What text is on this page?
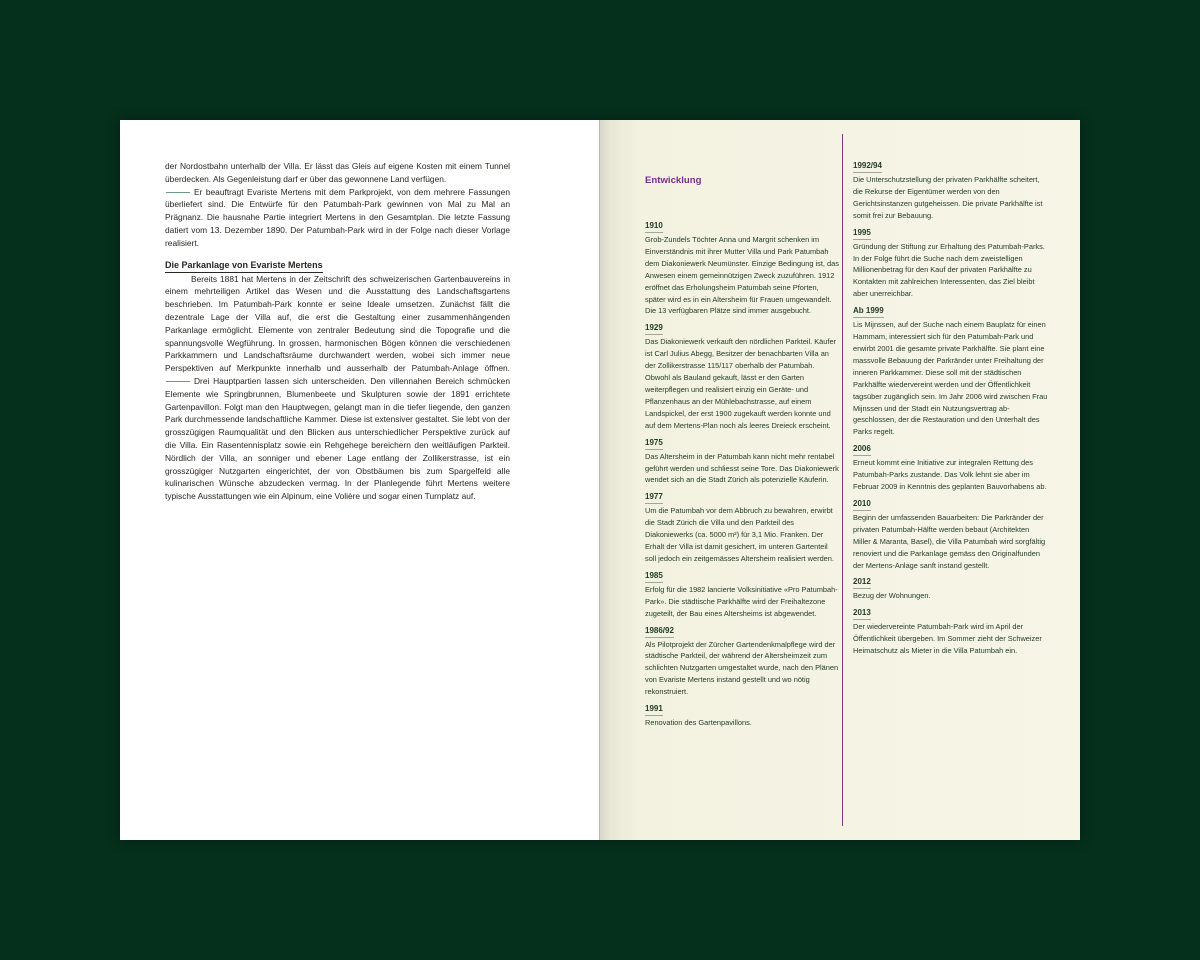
der Nordostbahn unterhalb der Villa. Er lässt das Gleis auf eigene Kosten mit einem Tunnel überdecken. Als Gegenleistung darf er über das gewonnene Land verfügen.
Er beauftragt Evariste Mertens mit dem Parkprojekt, von dem mehrere Fassungen überliefert sind. Die Entwürfe für den Patumbah-Park gewinnen von Mal zu Mal an Prägnanz. Die hausnahe Partie integriert Mertens in den Gesamtplan. Die letzte Fassung datiert vom 13. Dezember 1890. Der Patumbah-Park wird in der Folge nach dieser Vorlage realisiert.

Die Parkanlage von Evariste Mertens

Bereits 1881 hat Mertens in der Zeitschrift des schweizerischen Gartenbauvereins in einem mehrteiligen Artikel das Wesen und die Ausstattung des Landschaftsgartens beschrieben. Im Patumbah-Park konnte er seine Ideale umsetzen. Zunächst fällt die dezentrale Lage der Villa auf, die erst die Gestaltung einer zusammenhängenden Parkanlage ermöglicht. Elemente von zentraler Bedeutung sind die Topografie und die spannungsvolle Wegführung. In grossen, harmonischen Bögen können die verschiedenen Parkkammern und Landschaftsräume durchwandert werden, wobei sich immer neue Perspektiven auf Merkpunkte innerhalb und ausserhalb der Patumbah-Anlage öffnen. Drei Hauptpartien lassen sich unterscheiden. Den villennahen Bereich schmücken Elemente wie Springbrunnen, Blumenbeete und Skulpturen sowie der 1891 errichtete Gartenpavillon. Folgt man den Hauptwegen, gelangt man in die tiefer liegende, den ganzen Park durchmessende landschaftliche Kammer. Diese ist extensiver gestaltet. Sie lebt von der grosszügigen Raumqualität und den Blicken aus unterschiedlicher Perspektive zurück auf die Villa. Ein Rasentennisplatz sowie ein Rehgehege bereichern den weitläufigen Parkteil. Nördlich der Villa, an sonniger und ebener Lage entlang der Zollikerstrasse, ist ein grosszügiger Nutzgarten eingerichtet, der von Obstbäumen bis zum Spargelfeld alle kulinarischen Wünsche abzudecken vermag. In der Planlegende führt Mertens weitere typische Ausstattungen wie ein Alpinum, eine Volière und sogar einen Turnplatz auf.

Entwicklung
1910

Grob-Zundels Töchter Anna und Margrit schenken im Einverständnis mit ihrer Mutter Villa und Park Patumbah dem Diakoniewerk Neumünster. Einzige Bedingung ist, das Anwesen einem gemeinnützigen Zweck zuzuführen. 1912 eröffnet das Erholungsheim Patumbah seine Pforten, später wird es in ein Altersheim für Frauen umgewandelt. Die 13 verfügbaren Plätze sind immer ausgebucht.

1929

Das Diakoniewerk verkauft den nördlichen Parkteil. Käufer ist Carl Julius Abegg, Besitzer der benachbarten Villa an der Zollikerstrasse 115/117 oberhalb der Patumbah. Obwohl als Bauland gekauft, lässt er den Garten weiterpflegen und realisiert einzig ein Geräte- und Pflanzenhaus an der Mühlebachstrasse, auf einem Landspickel, der erst 1900 zugekauft werden konnte und auf dem Mertens-Plan noch als leeres Dreieck erscheint.

1975

Das Altersheim in der Patumbah kann nicht mehr rentabel geführt werden und schliesst seine Tore. Das Diakoniewerk wendet sich an die Stadt Zürich als potenzielle Käuferin.

1977

Um die Patumbah vor dem Abbruch zu bewahren, erwirbt die Stadt Zürich die Villa und den Parkteil des Diakoniewerks (ca. 5000 m²) für 3,1 Mio. Franken. Der Erhalt der Villa ist damit gesichert, im unteren Gartenteil soll jedoch ein zeitgemässes Altersheim realisiert werden.

1985

Erfolg für die 1982 lancierte Volksinitiative «Pro Patumbah-Park». Die städtische Parkhälfte wird der Freihaltezone zugeteilt, der Bau eines Altersheims ist abgewendet.

1986/92

Als Pilotprojekt der Zürcher Gartendenkmalpflege wird der städtische Parkteil, der während der Altersheimzeit zum schlichten Nutzgarten umgestaltet wurde, nach den Plänen von Evariste Mertens instand gestellt und wo nötig rekonstruiert.

1991

Renovation des Gartenpavillons.

1992/94

Die Unterschutzstellung der privaten Parkhälfte scheitert, die Rekurse der Eigentümer werden von den Gerichtsinstanzen gutgeheissen. Die private Parkhälfte ist somit frei zur Bebauung.

1995

Gründung der Stiftung zur Erhaltung des Patumbah-Parks. In der Folge führt die Suche nach dem zweistelligen Millionenbetrag für den Kauf der privaten Parkhälfte zu Kontakten mit zahlreichen Interessenten, das Ziel bleibt aber unerreichbar.

Ab 1999

Lis Mijnssen, auf der Suche nach einem Bauplatz für einen Hammam, interessiert sich für den Patumbah-Park und erwirbt 2001 die gesamte private Parkhälfte. Sie plant eine massvolle Bebauung der Parkränder unter Freihaltung der inneren Parkkammer. Diese soll mit der städtischen Parkhälfte wiedervereint werden und der Öffentlichkeit tagsüber zugänglich sein. Im Jahr 2006 wird zwischen Frau Mijnssen und der Stadt ein Nutzungsvertrag abgeschlossen, der die Restauration und den Unterhalt des Parks regelt.

2006

Erneut kommt eine Initiative zur integralen Rettung des Patumbah-Parks zustande. Das Volk lehnt sie aber im Februar 2009 in Kenntnis des geplanten Bauvorhabens ab.

2010

Beginn der umfassenden Bauarbeiten: Die Parkränder der privaten Patumbah-Hälfte werden bebaut (Architekten Miller & Maranta, Basel), die Villa Patumbah wird sorgfältig renoviert und die Parkanlage gemäss den Originalfunden der Mertens-Anlage sanft instand gestellt.

2012

Bezug der Wohnungen.

2013

Der wiedervereinte Patumbah-Park wird im April der Öffentlichkeit übergeben. Im Sommer zieht der Schweizer Heimatschutz als Mieter in die Villa Patumbah ein.
